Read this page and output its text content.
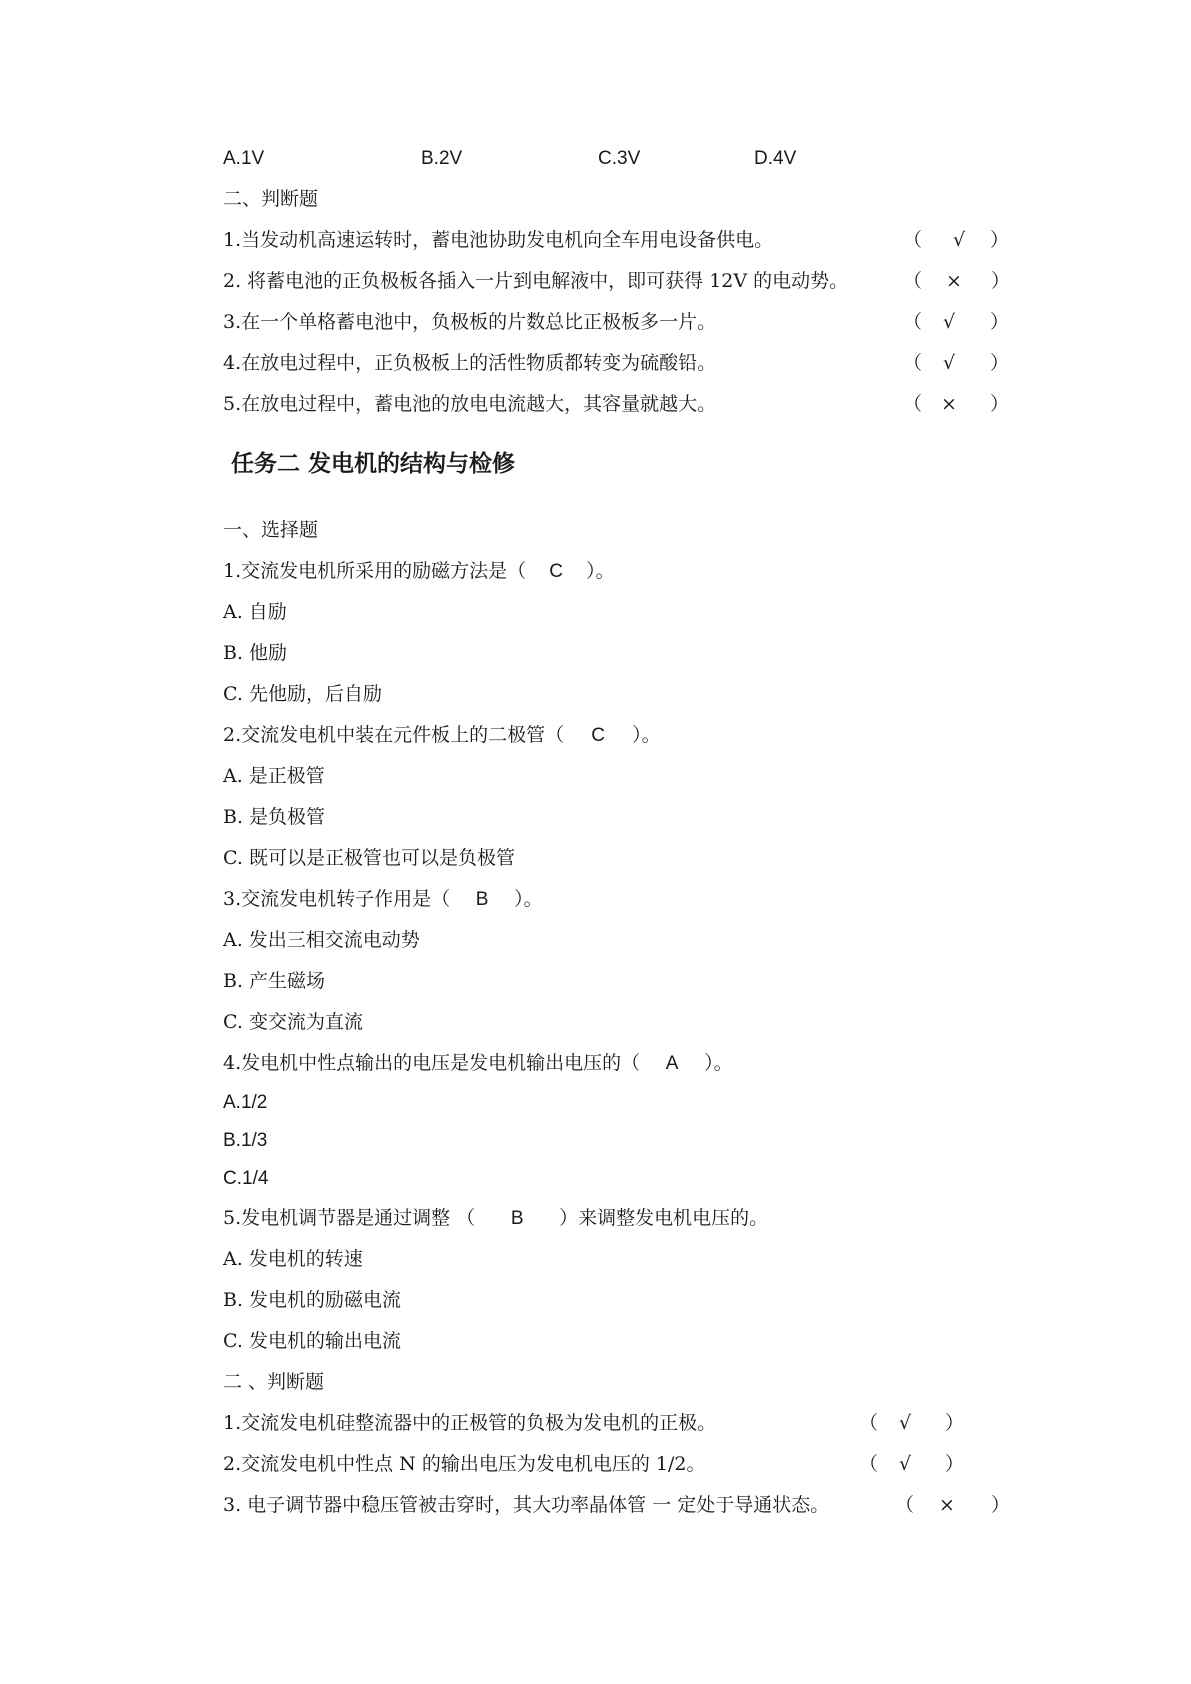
A.1V	B.2V	C.3V	D.4V
二、判断题
1.当发动机高速运转时，蓄电池协助发电机向全车用电设备供电。	（ √ ）
2. 将蓄电池的正负极板各插入一片到电解液中，即可获得 12V 的电动势。	（ × ）
3.在一个单格蓄电池中，负极板的片数总比正极板多一片。	（ √ ）
4.在放电过程中，正负极板上的活性物质都转变为硫酸铅。	（ √ ）
5.在放电过程中，蓄电池的放电电流越大，其容量就越大。	（ × ）
任务二 发电机的结构与检修
一、选择题
1.交流发电机所采用的励磁方法是（ C ）。
A. 自励
B. 他励
C. 先他励，后自励
2.交流发电机中装在元件板上的二极管（ C ）。
A. 是正极管
B. 是负极管
C. 既可以是正极管也可以是负极管
3.交流发电机转子作用是（ B ）。
A. 发出三相交流电动势
B. 产生磁场
C. 变交流为直流
4.发电机中性点输出的电压是发电机输出电压的（ A ）。
A.1/2
B.1/3
C.1/4
5.发电机调节器是通过调整 （ B ）来调整发电机电压的。
A. 发电机的转速
B. 发电机的励磁电流
C. 发电机的输出电流
二 、判断题
1.交流发电机硅整流器中的正极管的负极为发电机的正极。	（ √ ）
2.交流发电机中性点 N 的输出电压为发电机电压的 1/2。	（ √ ）
3. 电子调节器中稳压管被击穿时，其大功率晶体管 一 定处于导通状态。	（ × ）
